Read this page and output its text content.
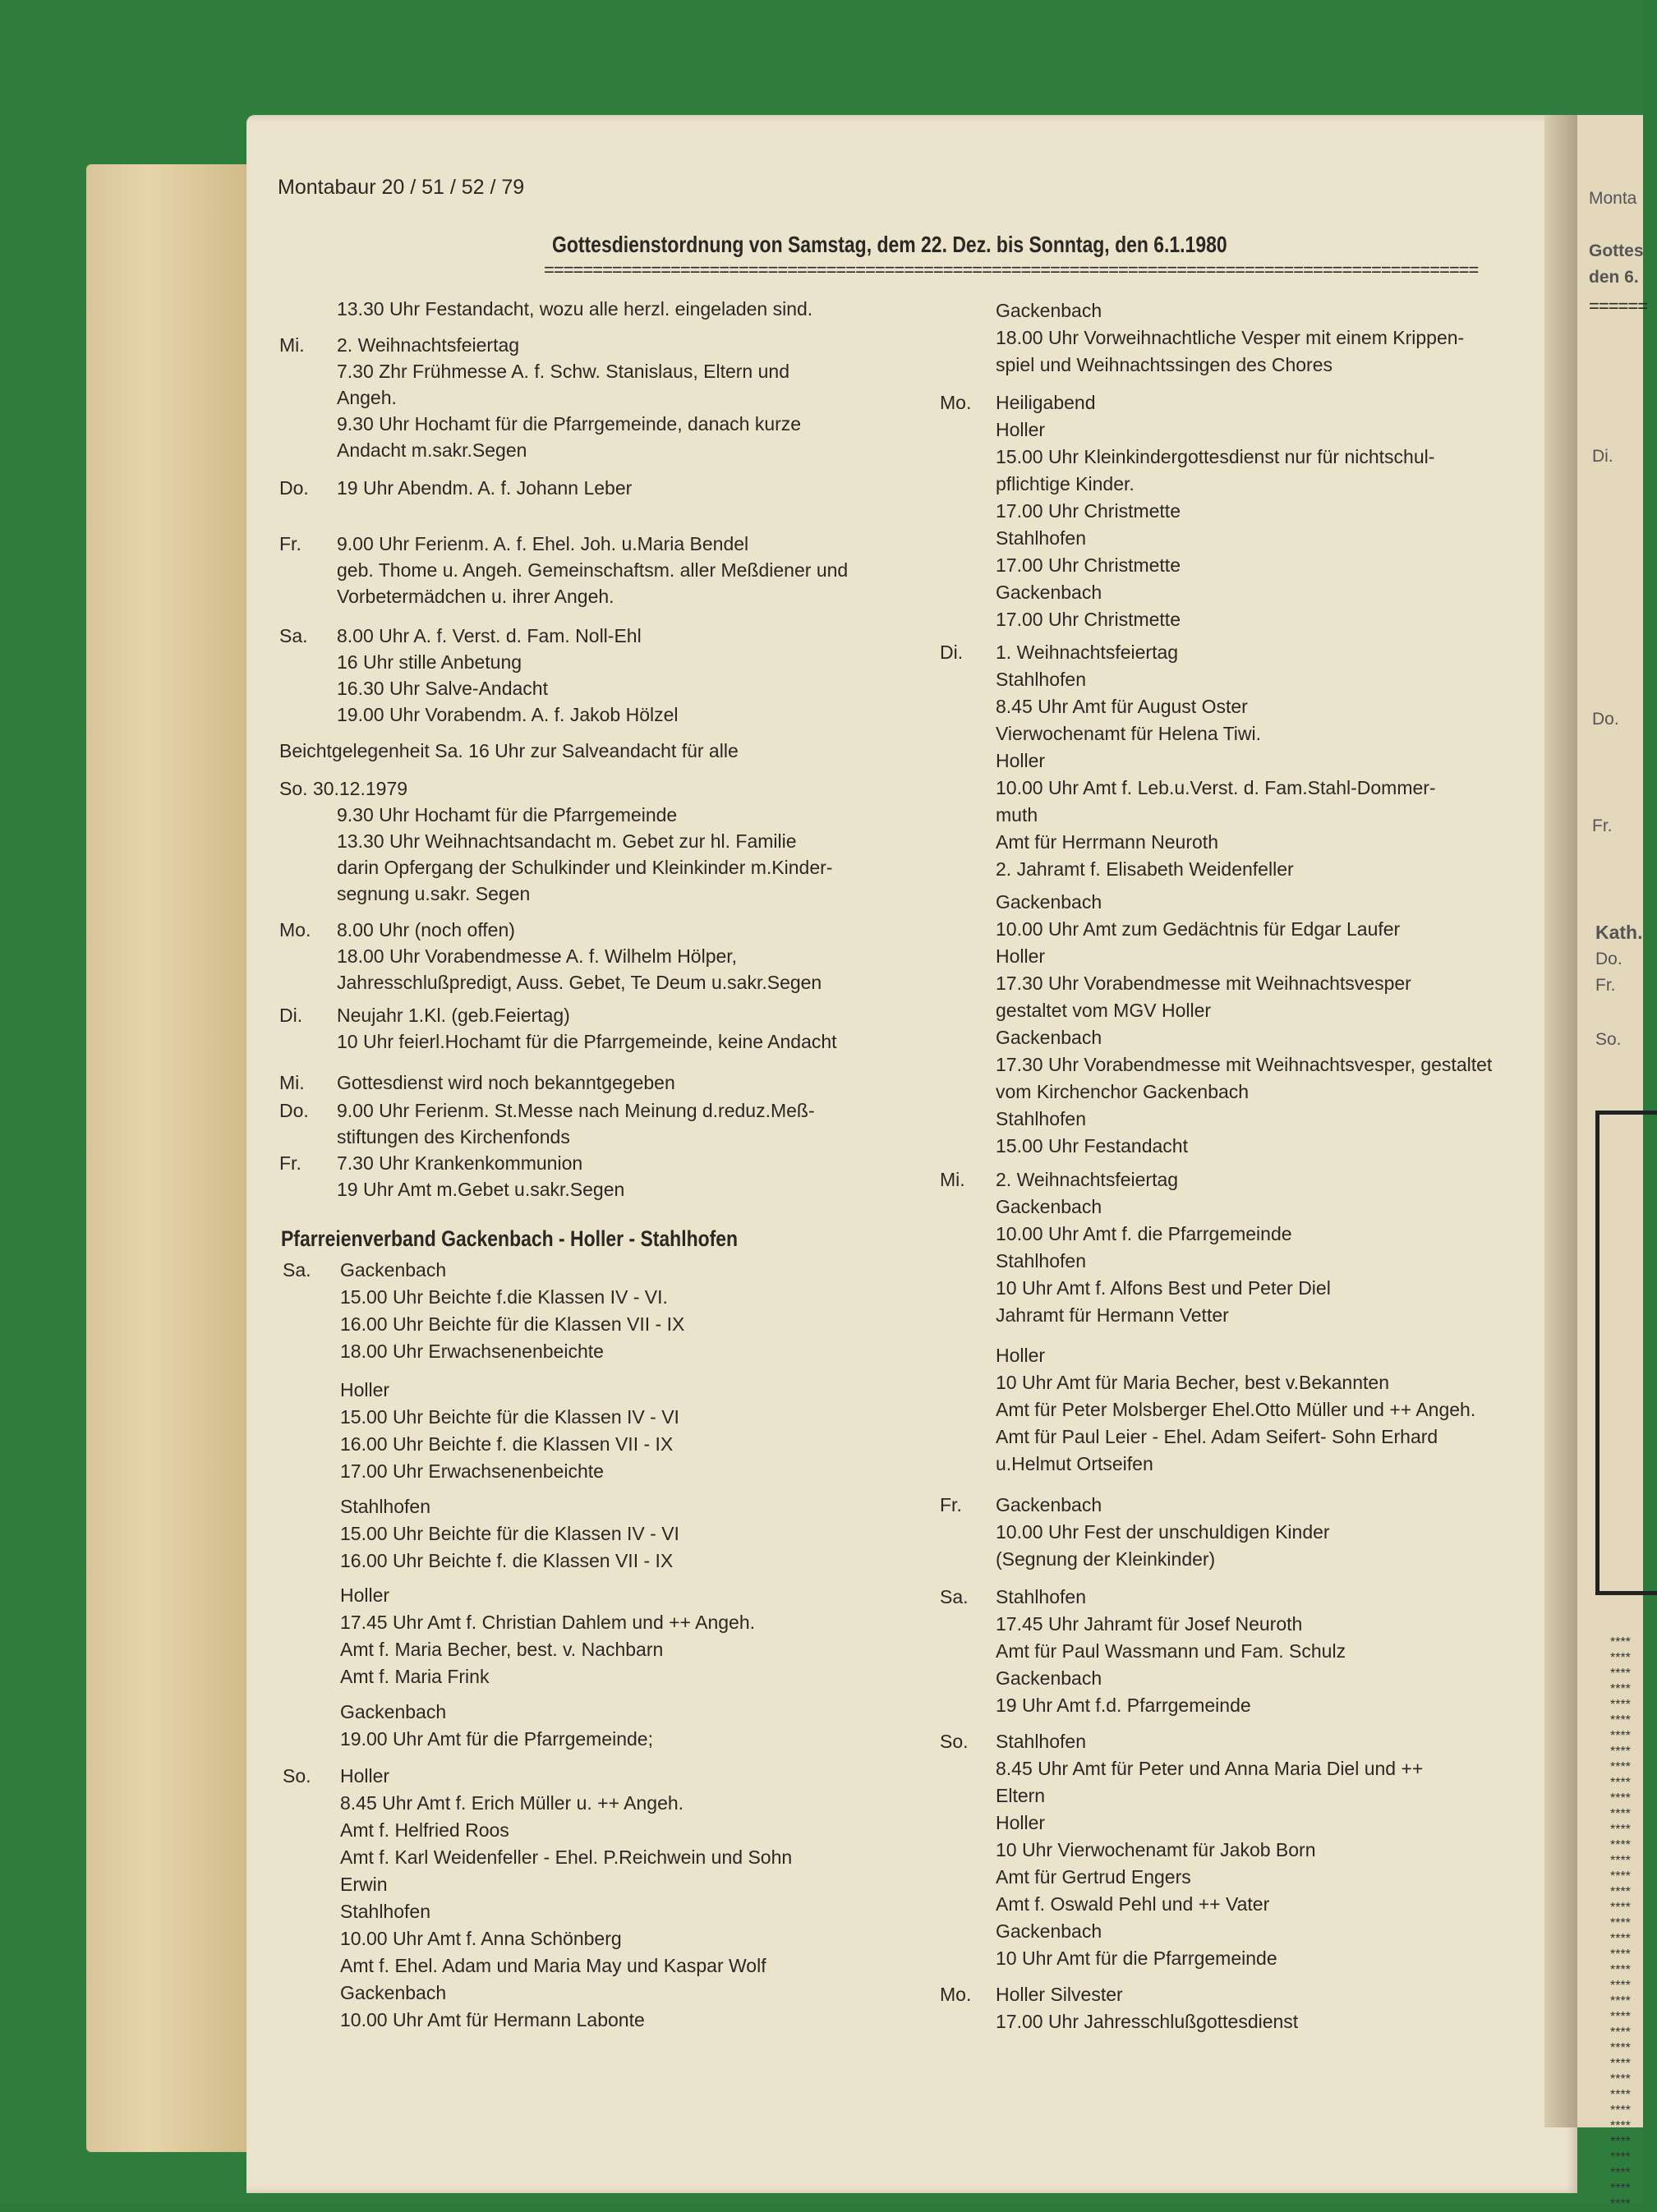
Montabaur 20 / 51 / 52 / 79
Gottesdienstordnung von Samstag, dem 22. Dez. bis Sonntag, den 6.1.1980
================================================================================================
13.30 Uhr Festandacht, wozu alle herzl. eingeladen sind.
Mi. 2. Weihnachtsfeiertag
7.30 Zhr Frühmesse A. f. Schw. Stanislaus, Eltern und
Angeh.
9.30 Uhr Hochamt für die Pfarrgemeinde, danach kurze
Andacht m.sakr.Segen
Do. 19 Uhr Abendm. A. f. Johann Leber
Fr. 9.00 Uhr Ferienm. A. f. Ehel. Joh. u.Maria Bendel
geb. Thome u. Angeh. Gemeinschaftsm. aller Meßdiener und
Vorbetermädchen u. ihrer Angeh.
Sa. 8.00 Uhr A. f. Verst. d. Fam. Noll-Ehl
16 Uhr stille Anbetung
16.30 Uhr Salve-Andacht
19.00 Uhr Vorabendm. A. f. Jakob Hölzel
Beichtgelegenheit Sa. 16 Uhr zur Salveandacht für alle
So. 30.12.1979
9.30 Uhr Hochamt für die Pfarrgemeinde
13.30 Uhr Weihnachtsandacht m. Gebet zur hl. Familie
darin Opfergang der Schulkinder und Kleinkinder m.Kinder-
segnung u.sakr. Segen
Mo. 8.00 Uhr (noch offen)
18.00 Uhr Vorabendmesse A. f. Wilhelm Hölper,
Jahresschlußpredigt, Auss. Gebet, Te Deum u.sakr.Segen
Di. Neujahr 1.Kl. (geb.Feiertag)
10 Uhr feierl.Hochamt für die Pfarrgemeinde, keine Andacht
Mi. Gottesdienst wird noch bekanntgegeben
Do. 9.00 Uhr Ferienm. St.Messe nach Meinung d.reduz.Meß-
stiftungen des Kirchenfonds
Fr. 7.30 Uhr Krankenkommunion
19 Uhr Amt m.Gebet u.sakr.Segen
Pfarreienverband Gackenbach - Holler - Stahlhofen
Sa. Gackenbach
15.00 Uhr Beichte f.die Klassen IV - VI.
16.00 Uhr Beichte für die Klassen VII - IX
18.00 Uhr Erwachsenenbeichte
Holler
15.00 Uhr Beichte für die Klassen IV - VI
16.00 Uhr Beichte f. die Klassen VII - IX
17.00 Uhr Erwachsenenbeichte
Stahlhofen
15.00 Uhr Beichte für die Klassen IV - VI
16.00 Uhr Beichte f. die Klassen VII - IX
Holler
17.45 Uhr Amt f. Christian Dahlem und ++ Angeh.
Amt f. Maria Becher, best. v. Nachbarn
Amt f. Maria Frink
Gackenbach
19.00 Uhr Amt für die Pfarrgemeinde;
So. Holler
8.45 Uhr Amt f. Erich Müller u. ++ Angeh.
Amt f. Helfried Roos
Amt f. Karl Weidenfeller - Ehel. P.Reichwein und Sohn
Erwin
Stahlhofen
10.00 Uhr Amt f. Anna Schönberg
Amt f. Ehel. Adam und Maria May und Kaspar Wolf
Gackenbach
10.00 Uhr Amt für Hermann Labonte
Gackenbach
18.00 Uhr Vorweihnachtliche Vesper mit einem Krippen-
spiel und Weihnachtssingen des Chores
Mo. Heiligabend
Holler
15.00 Uhr Kleinkindergottesdienst nur für nichtschul-
pflichtige Kinder.
17.00 Uhr Christmette
Stahlhofen
17.00 Uhr Christmette
Gackenbach
17.00 Uhr Christmette
Di. 1. Weihnachtsfeiertag
Stahlhofen
8.45 Uhr Amt für August Oster
Vierwochenamt für Helena Tiwi.
Holler
10.00 Uhr Amt f. Leb.u.Verst. d. Fam.Stahl-Dommer-
muth
Amt für Herrmann Neuroth
2. Jahramt f. Elisabeth Weidenfeller
Gackenbach
10.00 Uhr Amt zum Gedächtnis für Edgar Laufer
Holler
17.30 Uhr Vorabendmesse mit Weihnachtsvesper
gestaltet vom MGV Holler
Gackenbach
17.30 Uhr Vorabendmesse mit Weihnachtsvesper, gestaltet
vom Kirchenchor Gackenbach
Stahlhofen
15.00 Uhr Festandacht
Mi. 2. Weihnachtsfeiertag
Gackenbach
10.00 Uhr Amt f. die Pfarrgemeinde
Stahlhofen
10 Uhr Amt f. Alfons Best und Peter Diel
Jahramt für Hermann Vetter
Holler
10 Uhr Amt für Maria Becher, best v.Bekannten
Amt für Peter Molsberger Ehel.Otto Müller und ++ Angeh.
Amt für Paul Leier - Ehel. Adam Seifert- Sohn Erhard
u.Helmut Ortseifen
Fr. Gackenbach
10.00 Uhr Fest der unschuldigen Kinder
(Segnung der Kleinkinder)
Sa. Stahlhofen
17.45 Uhr Jahramt für Josef Neuroth
Amt für Paul Wassmann und Fam. Schulz
Gackenbach
19 Uhr Amt f.d. Pfarrgemeinde
So. Stahlhofen
8.45 Uhr Amt für Peter und Anna Maria Diel und ++
Eltern
Holler
10 Uhr Vierwochenamt für Jakob Born
Amt für Gertrud Engers
Amt f. Oswald Pehl und ++ Vater
Gackenbach
10 Uhr Amt für die Pfarrgemeinde
Mo. Holler Silvester
17.00 Uhr Jahresschlußgottesdienst
Monta
Gottes
den 6.
======
Di.
Do.
Fr.
Kath.
Do.
Fr.
So.
****************************************************************************************************************************************************
